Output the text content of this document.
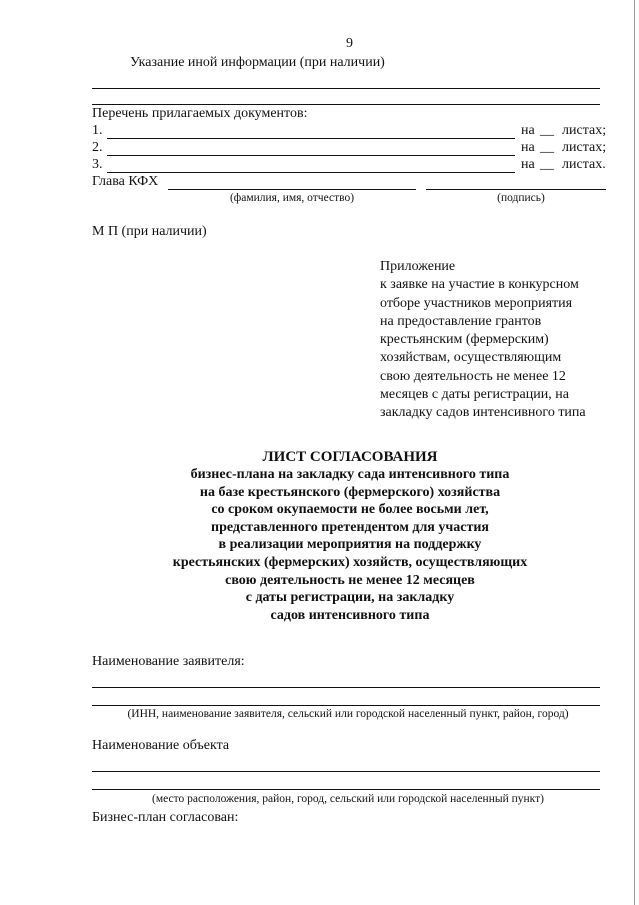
9
Указание иной информации (при наличии)
Перечень прилагаемых документов:
1.	на __ листах;
2.	на __ листах;
3.	на __ листах.
Глава КФХ
(фамилия, имя, отчество)	(подпись)
М П (при наличии)
Приложение
к заявке на участие в конкурсном
отборе участников мероприятия
на предоставление грантов
крестьянским (фермерским)
хозяйствам, осуществляющим
свою деятельность не менее 12
месяцев с даты регистрации, на
закладку садов интенсивного типа
ЛИСТ СОГЛАСОВАНИЯ
бизнес-плана на закладку сада интенсивного типа
на базе крестьянского (фермерского) хозяйства
со сроком окупаемости не более восьми лет,
представленного претендентом для участия
в реализации мероприятия на поддержку
крестьянских (фермерских) хозяйств, осуществляющих
свою деятельность не менее 12 месяцев
с даты регистрации, на закладку
садов интенсивного типа
Наименование заявителя:
(ИНН, наименование заявителя, сельский или городской населенный пункт, район, город)
Наименование объекта
(место расположения, район, город, сельский или городской населенный пункт)
Бизнес-план согласован:
